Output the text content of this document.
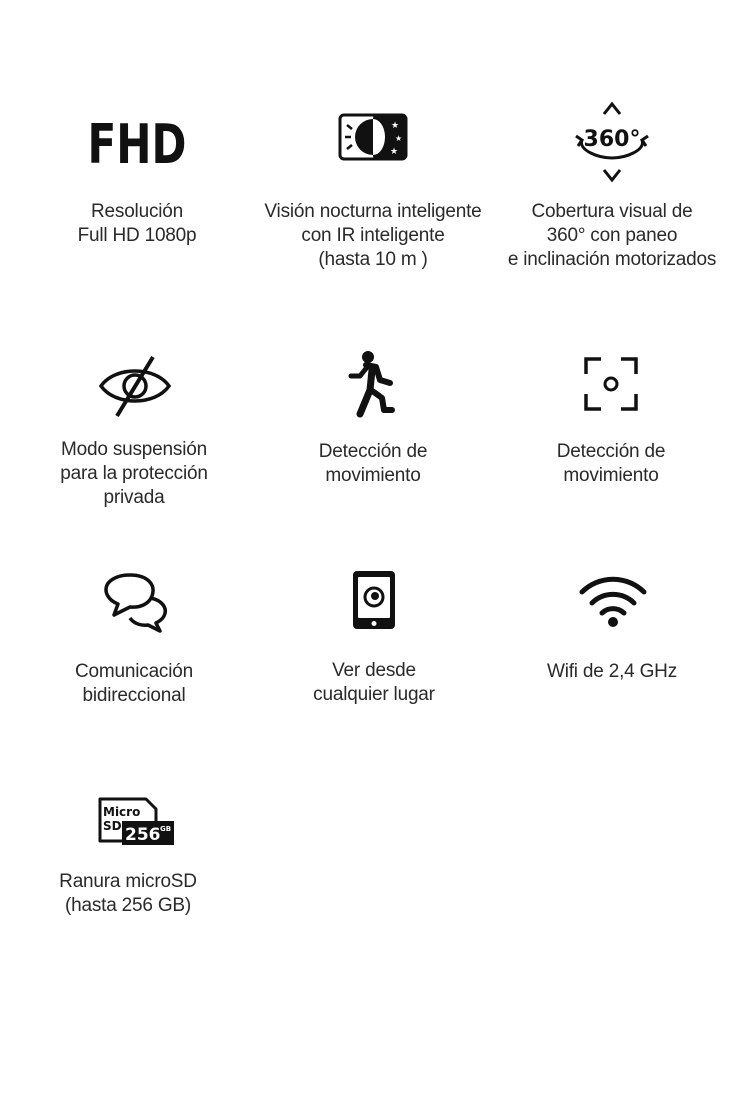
FHD
Resolución
Full HD 1080p
★
★
★
Visión nocturna inteligente
con IR inteligente
(hasta 10 m )
360°
Cobertura visual de
360° con paneo
e inclinación motorizados
Modo suspensión
para la protección
privada
Detección de
movimiento
Detección de
movimiento
Comunicación
bidireccional
Ver desde
cualquier lugar
Wifi de 2,4 GHz
Micro
SD 256 GB
Ranura microSD
(hasta 256 GB)
